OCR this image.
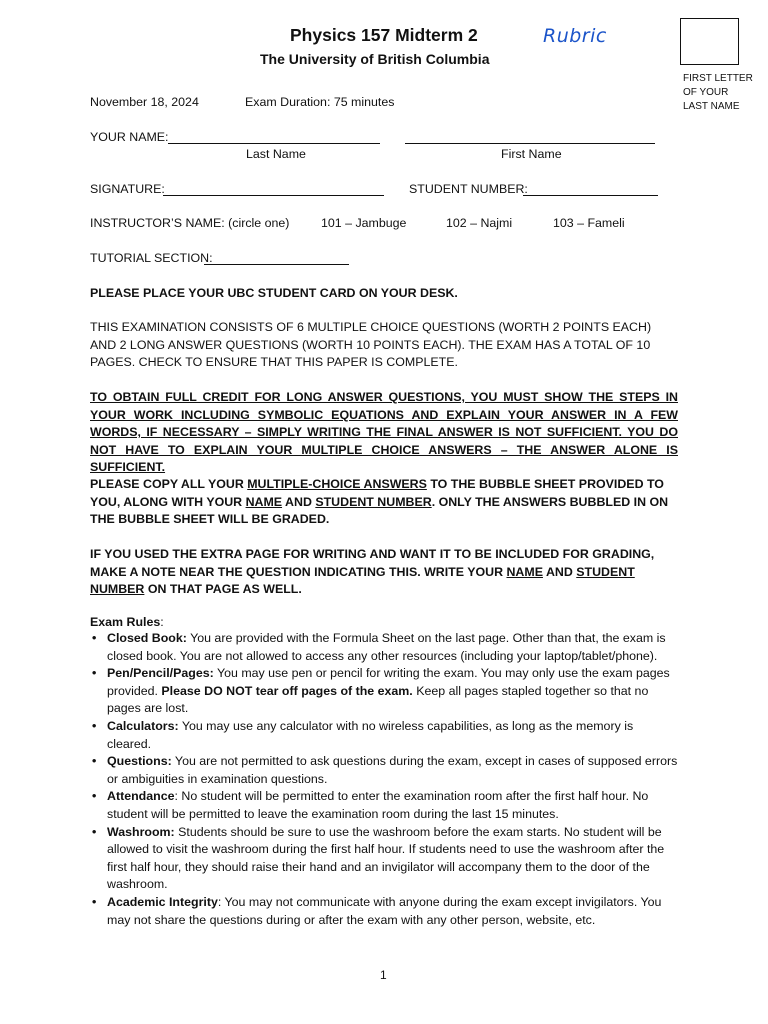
Physics 157 Midterm 2
The University of British Columbia
Rubric
FIRST LETTER OF YOUR LAST NAME
November 18, 2024	Exam Duration: 75 minutes
YOUR NAME:
Last Name	First Name
SIGNATURE:	STUDENT NUMBER:
INSTRUCTOR’S NAME: (circle one)	101 – Jambuge	102 – Najmi	103 – Fameli
TUTORIAL SECTION:
PLEASE PLACE YOUR UBC STUDENT CARD ON YOUR DESK.
THIS EXAMINATION CONSISTS OF 6 MULTIPLE CHOICE QUESTIONS (WORTH 2 POINTS EACH) AND 2 LONG ANSWER QUESTIONS (WORTH 10 POINTS EACH). THE EXAM HAS A TOTAL OF 10 PAGES. CHECK TO ENSURE THAT THIS PAPER IS COMPLETE.
TO OBTAIN FULL CREDIT FOR LONG ANSWER QUESTIONS, YOU MUST SHOW THE STEPS IN YOUR WORK INCLUDING SYMBOLIC EQUATIONS AND EXPLAIN YOUR ANSWER IN A FEW WORDS, IF NECESSARY – SIMPLY WRITING THE FINAL ANSWER IS NOT SUFFICIENT. YOU DO NOT HAVE TO EXPLAIN YOUR MULTIPLE CHOICE ANSWERS – THE ANSWER ALONE IS SUFFICIENT.
PLEASE COPY ALL YOUR MULTIPLE-CHOICE ANSWERS TO THE BUBBLE SHEET PROVIDED TO YOU, ALONG WITH YOUR NAME AND STUDENT NUMBER. ONLY THE ANSWERS BUBBLED IN ON THE BUBBLE SHEET WILL BE GRADED.
IF YOU USED THE EXTRA PAGE FOR WRITING AND WANT IT TO BE INCLUDED FOR GRADING, MAKE A NOTE NEAR THE QUESTION INDICATING THIS. WRITE YOUR NAME AND STUDENT NUMBER ON THAT PAGE AS WELL.
Exam Rules:
• Closed Book: You are provided with the Formula Sheet on the last page. Other than that, the exam is closed book. You are not allowed to access any other resources (including your laptop/tablet/phone).
• Pen/Pencil/Pages: You may use pen or pencil for writing the exam. You may only use the exam pages provided. Please DO NOT tear off pages of the exam. Keep all pages stapled together so that no pages are lost.
• Calculators: You may use any calculator with no wireless capabilities, as long as the memory is cleared.
• Questions: You are not permitted to ask questions during the exam, except in cases of supposed errors or ambiguities in examination questions.
• Attendance: No student will be permitted to enter the examination room after the first half hour. No student will be permitted to leave the examination room during the last 15 minutes.
• Washroom: Students should be sure to use the washroom before the exam starts. No student will be allowed to visit the washroom during the first half hour. If students need to use the washroom after the first half hour, they should raise their hand and an invigilator will accompany them to the door of the washroom.
• Academic Integrity: You may not communicate with anyone during the exam except invigilators. You may not share the questions during or after the exam with any other person, website, etc.
1
